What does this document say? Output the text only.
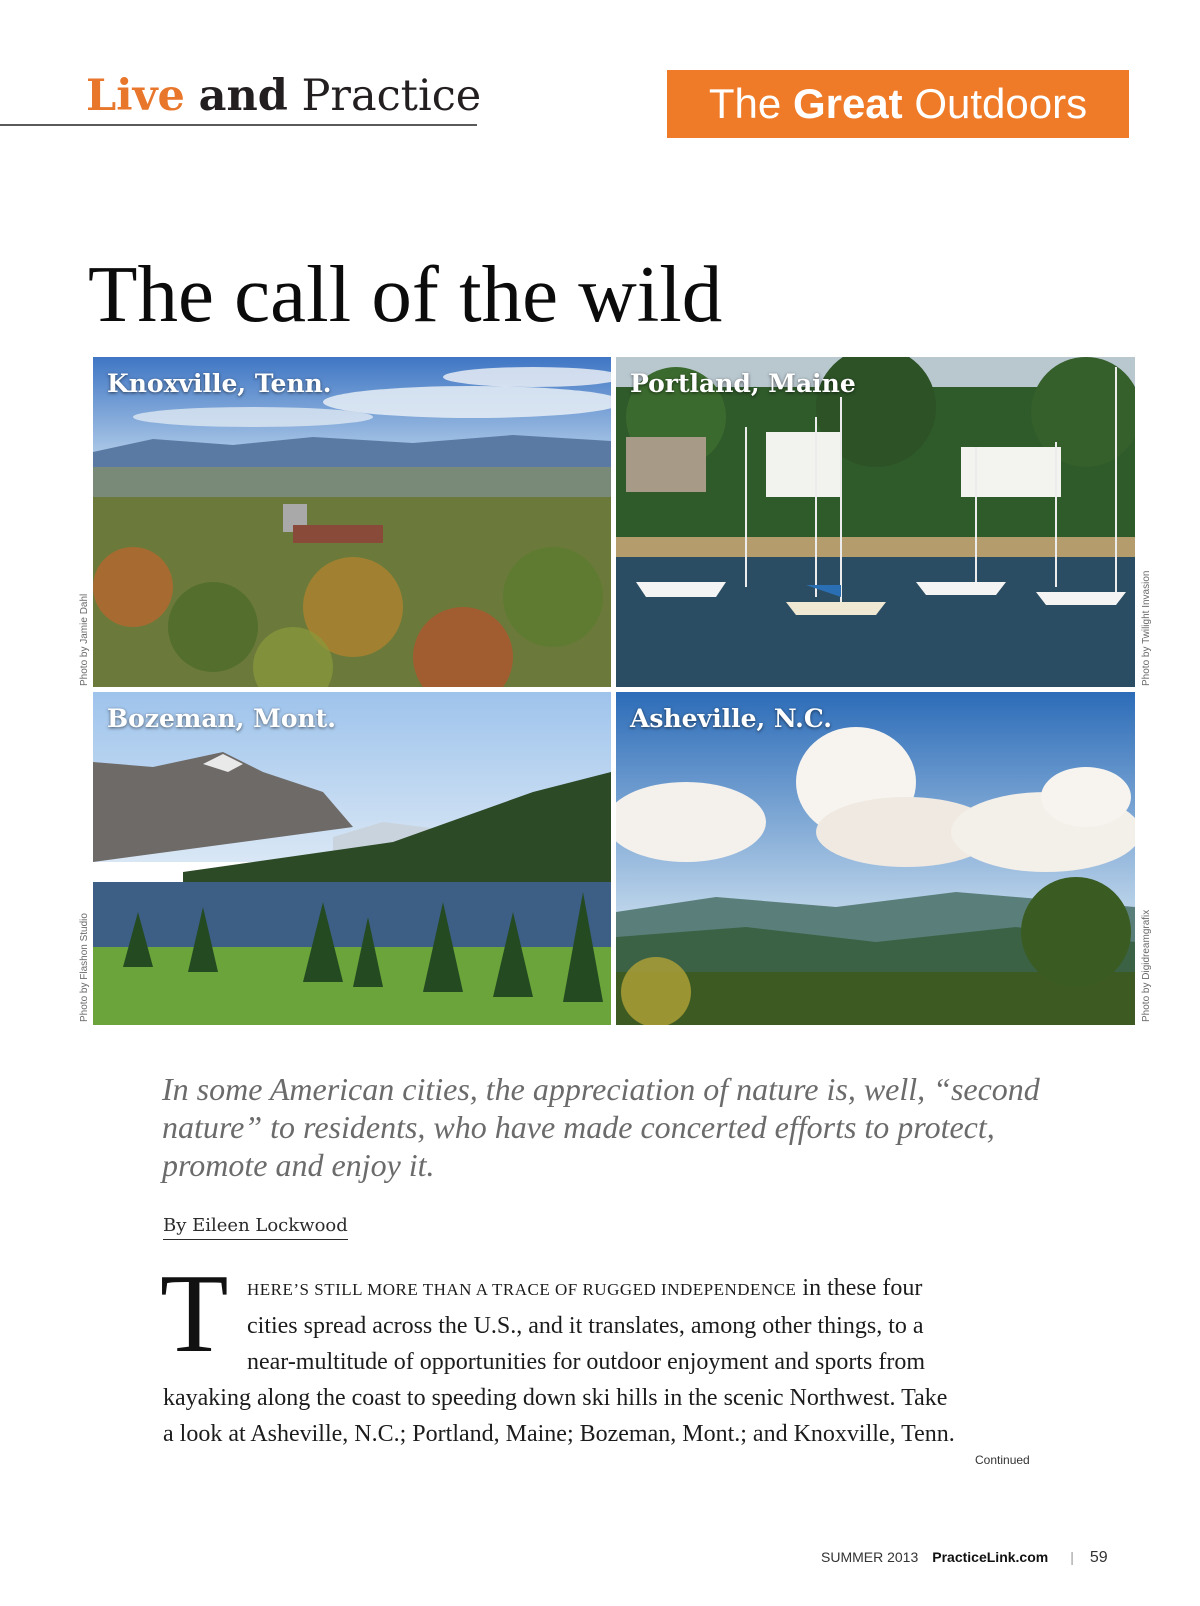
Live and Practice	The Great Outdoors
The call of the wild
Knoxville, Tenn.	Portland, Maine
Bozeman, Mont.	Asheville, N.C.
Photo by Jamie Dahl	Photo by Twilight Invasion
Photo by Flashon Studio	Photo by Digidreamgrafix
In some American cities, the appreciation of nature is, well, “second nature” to residents, who have made concerted efforts to protect, promote and enjoy it.
By Eileen Lockwood
T	HERE’S STILL MORE THAN A TRACE OF RUGGED INDEPENDENCE in these four
cities spread across the U.S., and it translates, among other things, to a
near-multitude of opportunities for outdoor enjoyment and sports from
kayaking along the coast to speeding down ski hills in the scenic Northwest. Take
a look at Asheville, N.C.; Portland, Maine; Bozeman, Mont.; and Knoxville, Tenn.
Continued
SUMMER 2013 PracticeLink.com | 59
